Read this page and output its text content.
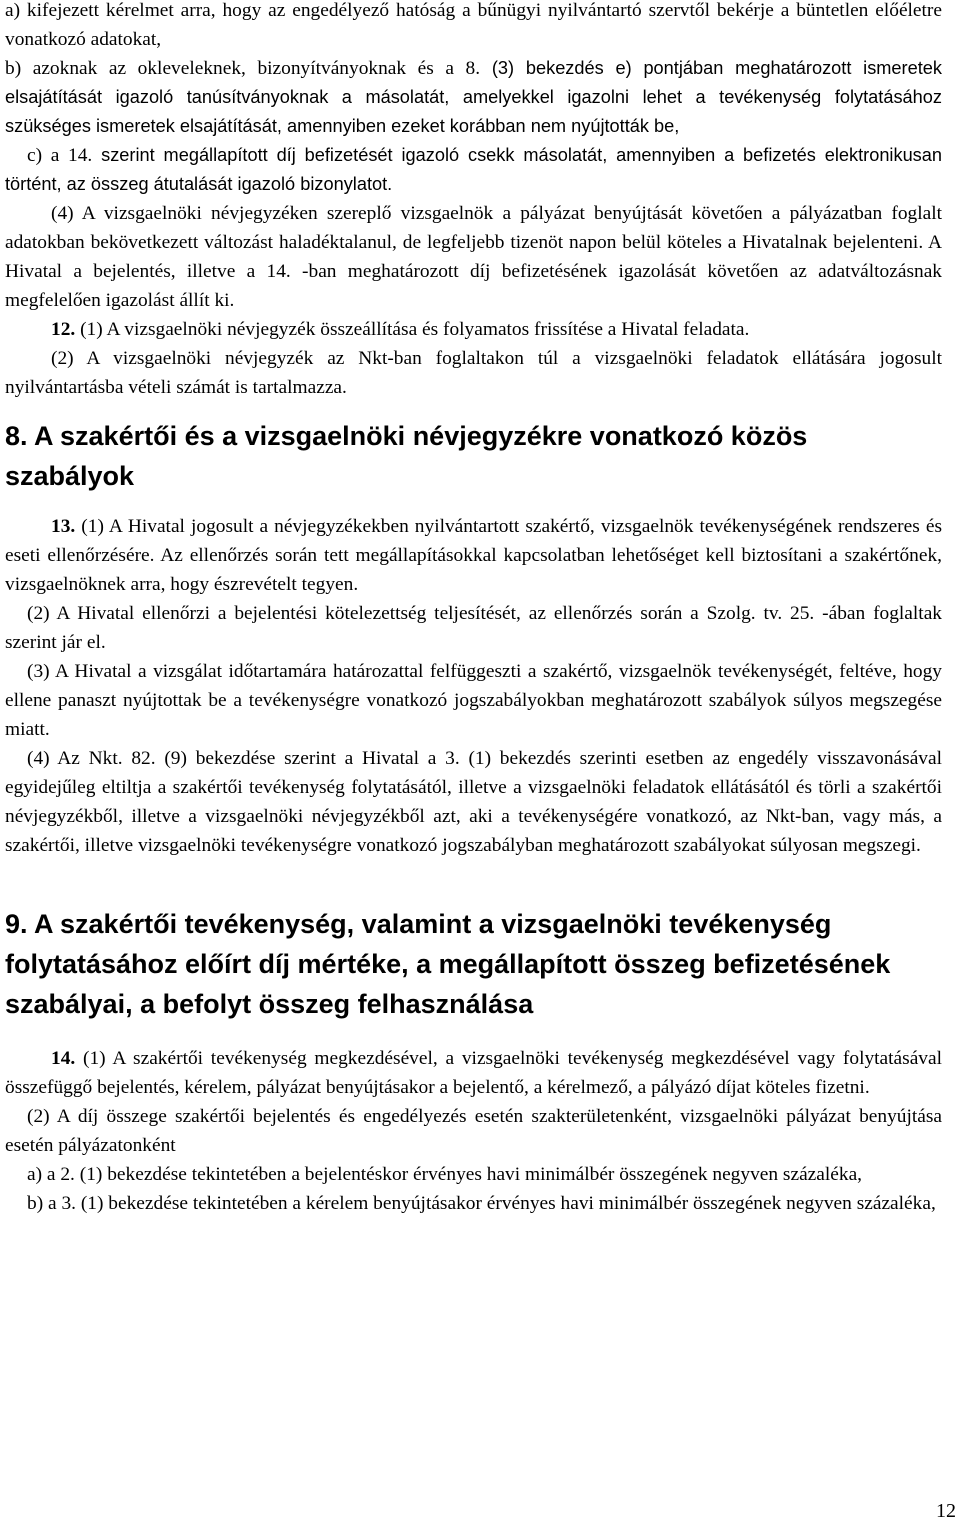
a) kifejezett kérelmet arra, hogy az engedélyező hatóság a bűnügyi nyilvántartó szervtől bekérje a büntetlen előéletre vonatkozó adatokat,

b) azoknak az okleveleknek, bizonyítványoknak és a 8. (3) bekezdés e) pontjában meghatározott ismeretek elsajátítását igazoló tanúsítványoknak a másolatát, amelyekkel igazolni lehet a tevékenység folytatásához szükséges ismeretek elsajátítását, amennyiben ezeket korábban nem nyújtották be,

c) a 14. szerint megállapított díj befizetését igazoló csekk másolatát, amennyiben a befizetés elektronikusan történt, az összeg átutalását igazoló bizonylatot.

(4) A vizsgaelnöki névjegyzéken szereplő vizsgaelnök a pályázat benyújtását követően a pályázatban foglalt adatokban bekövetkezett változást haladéktalanul, de legfeljebb tizenöt napon belül köteles a Hivatalnak bejelenteni. A Hivatal a bejelentés, illetve a 14. -ban meghatározott díj befizetésének igazolását követően az adatváltozásnak megfelelően igazolást állít ki.

12. (1) A vizsgaelnöki névjegyzék összeállítása és folyamatos frissítése a Hivatal feladata.

(2) A vizsgaelnöki névjegyzék az Nkt-ban foglaltakon túl a vizsgaelnöki feladatok ellátására jogosult nyilvántartásba vételi számát is tartalmazza.

8. A szakértői és a vizsgaelnöki névjegyzékre vonatkozó közös szabályok

13. (1) A Hivatal jogosult a névjegyzékekben nyilvántartott szakértő, vizsgaelnök tevékenységének rendszeres és eseti ellenőrzésére. Az ellenőrzés során tett megállapításokkal kapcsolatban lehetőséget kell biztosítani a szakértőnek, vizsgaelnöknek arra, hogy észrevételt tegyen.

(2) A Hivatal ellenőrzi a bejelentési kötelezettség teljesítését, az ellenőrzés során a Szolg. tv. 25. -ában foglaltak szerint jár el.

(3) A Hivatal a vizsgálat időtartamára határozattal felfüggeszti a szakértő, vizsgaelnök tevékenységét, feltéve, hogy ellene panaszt nyújtottak be a tevékenységre vonatkozó jogszabályokban meghatározott szabályok súlyos megszegése miatt.

(4) Az Nkt. 82. (9) bekezdése szerint a Hivatal a 3. (1) bekezdés szerinti esetben az engedély visszavonásával egyidejűleg eltiltja a szakértői tevékenység folytatásától, illetve a vizsgaelnöki feladatok ellátásától és törli a szakértői névjegyzékből, illetve a vizsgaelnöki névjegyzékből azt, aki a tevékenységére vonatkozó, az Nkt-ban, vagy más, a szakértői, illetve vizsgaelnöki tevékenységre vonatkozó jogszabályban meghatározott szabályokat súlyosan megszegi.

9. A szakértői tevékenység, valamint a vizsgaelnöki tevékenység folytatásához előírt díj mértéke, a megállapított összeg befizetésének szabályai, a befolyt összeg felhasználása

14. (1) A szakértői tevékenység megkezdésével, a vizsgaelnöki tevékenység megkezdésével vagy folytatásával összefüggő bejelentés, kérelem, pályázat benyújtásakor a bejelentő, a kérelmező, a pályázó díjat köteles fizetni.

(2) A díj összege szakértői bejelentés és engedélyezés esetén szakterületenként, vizsgaelnöki pályázat benyújtása esetén pályázatonként

a) a 2. (1) bekezdése tekintetében a bejelentéskor érvényes havi minimálbér összegének negyven százaléka,

b) a 3. (1) bekezdése tekintetében a kérelem benyújtásakor érvényes havi minimálbér összegének negyven százaléka,

12
